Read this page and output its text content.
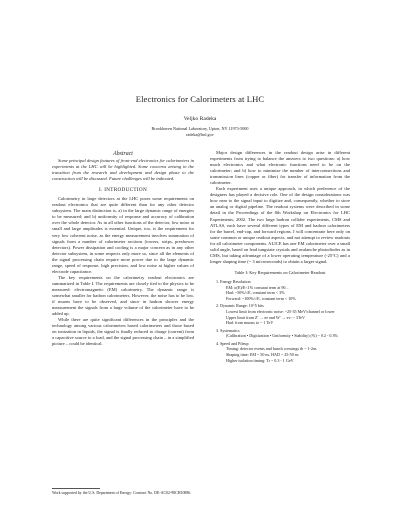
Electronics for Calorimeters at LHC
Veljko Radeka
Brookhaven National Laboratory, Upton, NY 11973-5000
radeka@bnl.gov
Abstract

Some principal design features of front-end electronics for calorimeters in experiments at the LHC will be highlighted. Some concerns arising in the transition from the research and development and design phase to the construction will be discussed. Future challenges will be indicated.

I. INTRODUCTION

Calorimetry in large detectors at the LHC poses some requirements on readout electronics that are quite different than for any other detector subsystem. The main distinction is, a) in the large dynamic range of energies to be measured; and b) uniformity of response and accuracy of calibration over the whole detector. As in all other functions of the detector, low noise at small and large amplitudes is essential. Unique, too, is the requirement for very low coherent noise, as the energy measurement involves summation of signals from a number of calorimeter sections (towers, strips, preshower detectors). Power dissipation and cooling is a major concern as in any other detector subsystem, in some respects only more so, since all the elements of the signal processing chain require more power due to the large dynamic range, speed of response, high precision, and low noise at higher values of electrode capacitance.

The key requirements on the calorimetry readout electronics are summarized in Table I. The requirements are closely tied to the physics to be measured: electromagnetic (EM) calorimetry. The dynamic range is somewhat smaller for hadron calorimeters. However, the noise has to be low, if muons have to be observed, and since in hadron shower energy measurement the signals from a large volume of the calorimeter have to be added up.

While there are quite significant differences in the principles and the technology among various calorimeters based calorimeters and those based on ionization in liquids, the signal is finally reduced to charge (current) from a capacitive source to a load, and the signal processing chain – in a simplified picture – could be identical.

Work supported by the U.S. Department of Energy: Contract No. DE-AC02-98CH10886.

Major design differences in the readout design arise in different experiments from trying to balance the answers to two questions: a) how much electronics and what electronic functions need to be on the calorimeter; and b) how to minimize the number of interconnections and transmission lines (copper or fiber) for transfer of information from the calorimeter.

Each experiment uses a unique approach, in which preference of the designers has played a decisive role. One of the design considerations was how near to the signal input to digitize and, consequently, whether to store an analog or digital pipeline. The readout systems were described in some detail in the Proceedings of the 8th Workshop on Electronics for LHC Experiments, 2002. The two large hadron collider experiments, CMS and ATLAS, each have several different types of EM and hadron calorimeters for the barrel, end-cap, and forward regions. I will concentrate here only on some common or unique readout aspects, and not attempt to review readouts for all calorimeter components. ALICE has one EM calorimeter over a small solid angle, based on lead tungstate crystals and avalanche photodiodes as in CMS, but taking advantage of a lower operating temperature (-25°C) and a longer shaping time (~ 3 microseconds) to obtain a larger signal.

Table I: Key Requirements on Calorimeter Readout
1. Energy Resolution
EM: σ(E)/E<1% constant term at 90...
Had: ~50%/√E, constant term < 3%
Forward: ~100%/√E, constant term < 10%
2. Dynamic Range: 10^5 bits
Lowest limit from electronic noise: ~25-35 MeV/channel or lower
Upper limit from Z' → ee and W' → ev: ~ 3TeV
Had: from muons to ~ 1 TeV
3. Systematics
(Calibration • Digitization • Uniformity • Stability) (%) ~ 0.2 - 0.3%
4. Speed and Pileup
Timing: detector events and bunch crossings tb ~ 1-2ns
Shaping time: EM ~ 50 ns, HAD ~ 25-50 ns
Higher isolation timing: Tr ~ 0.3 - 1 GeV
